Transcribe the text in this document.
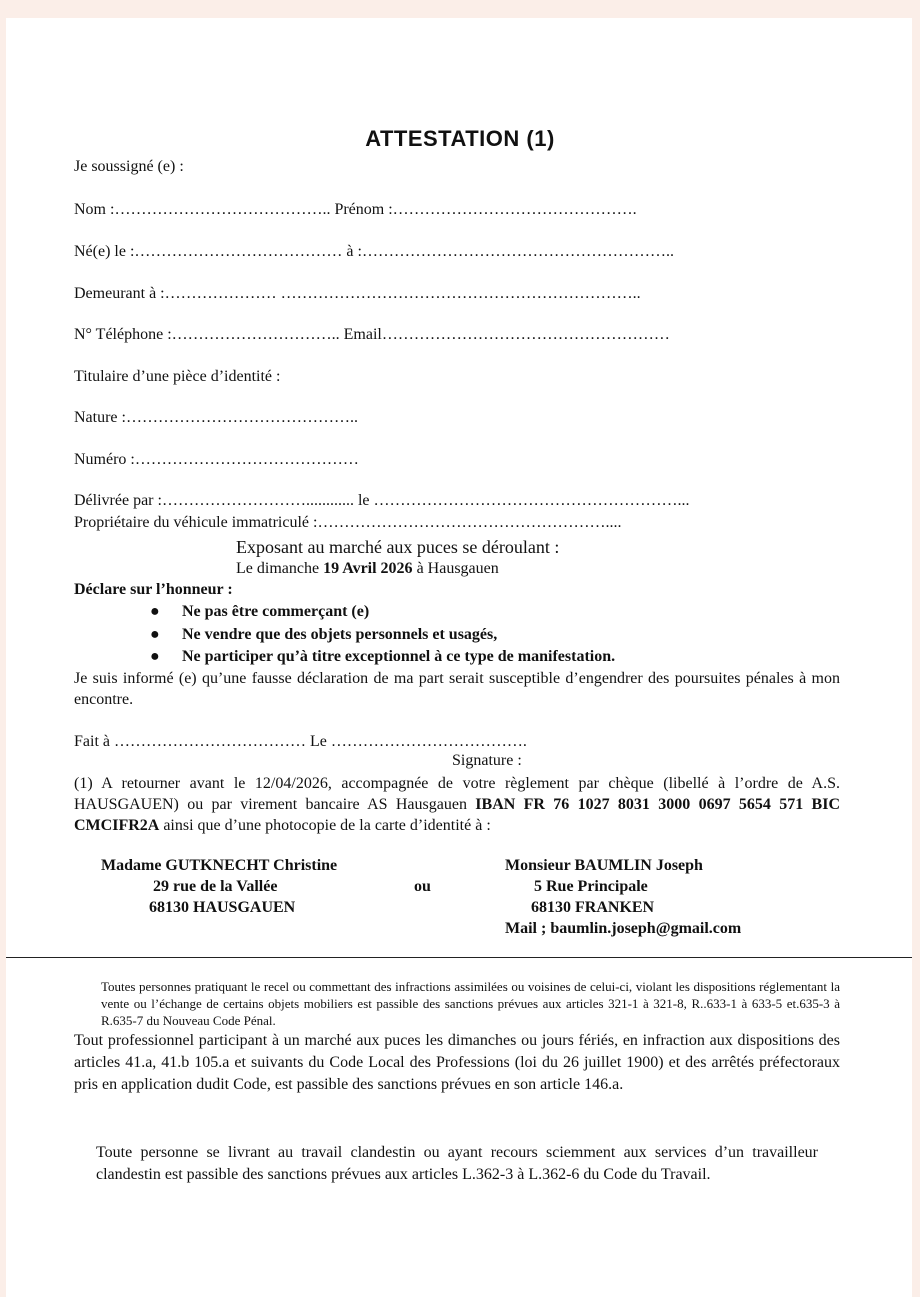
ATTESTATION (1)
Je soussigné (e) :
Nom :………………………………….. Prénom :……………………………………….
Né(e) le :………………………………… à :…………………………………………………..
Demeurant à :………………… …………………………………………………………..
N° Téléphone :………………………….. Email………………………………………………
Titulaire d’une pièce d’identité :
Nature :……………………………………..
Numéro :……………………………………
Délivrée par :………………………............ le …………………………………………………...
Propriétaire du véhicule immatriculé :………………………………………………....
Exposant au marché aux puces se déroulant :
Le dimanche 19 Avril 2026 à Hausgauen
Déclare sur l’honneur :
● Ne pas être commerçant (e)
● Ne vendre que des objets personnels et usagés,
● Ne participer qu’à titre exceptionnel à ce type de manifestation.
Je suis informé (e) qu’une fausse déclaration de ma part serait susceptible d’engendrer des poursuites pénales à mon encontre.
Fait à ……………………………… Le ……………………………….
Signature :
(1) A retourner avant le 12/04/2026, accompagnée de votre règlement par chèque (libellé à l’ordre de A.S. HAUSGAUEN) ou par virement bancaire AS Hausgauen IBAN FR 76 1027 8031 3000 0697 5654 571 BIC CMCIFR2A ainsi que d’une photocopie de la carte d’identité à :
Madame GUTKNECHT Christine
29 rue de la Vallée
68130 HAUSGAUEN
ou
Monsieur BAUMLIN Joseph
5 Rue Principale
68130 FRANKEN
Mail ; baumlin.joseph@gmail.com
Toutes personnes pratiquant le recel ou commettant des infractions assimilées ou voisines de celui-ci, violant les dispositions réglementant la vente ou l’échange de certains objets mobiliers est passible des sanctions prévues aux articles 321-1 à 321-8, R..633-1 à 633-5 et.635-3 à R.635-7 du Nouveau Code Pénal.
Tout professionnel participant à un marché aux puces les dimanches ou jours fériés, en infraction aux dispositions des articles 41.a, 41.b 105.a et suivants du Code Local des Professions (loi du 26 juillet 1900) et des arrêtés préfectoraux pris en application dudit Code, est passible des sanctions prévues en son article 146.a.
Toute personne se livrant au travail clandestin ou ayant recours sciemment aux services d’un travailleur clandestin est passible des sanctions prévues aux articles L.362-3 à L.362-6 du Code du Travail.
